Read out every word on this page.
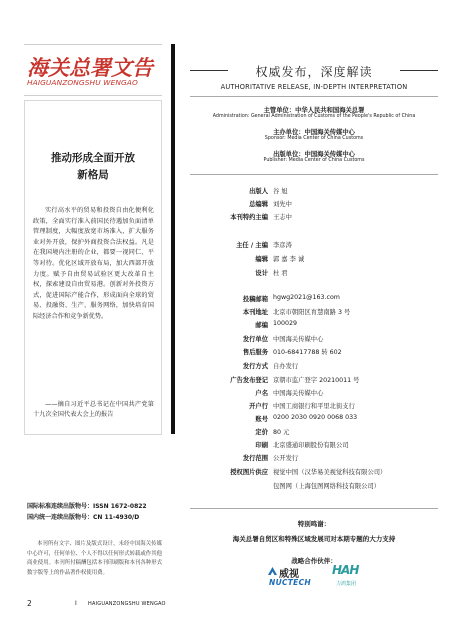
海关总署文告
HAIGUANZONGSHU WENGAO
推动形成全面开放
新格局
实行高水平的贸易和投资自由化便利化政策，全面实行准入前国民待遇加负面清单管理制度，大幅度放宽市场准入，扩大服务业对外开放，保护外商投资合法权益。凡是在我国境内注册的企业，都要一视同仁、平等对待。优化区域开放布局，加大西部开放力度。赋予自由贸易试验区更大改革自主权，探索建设自由贸易港。创新对外投资方式，促进国际产能合作，形成面向全球的贸易、投融资、生产、服务网络，加快培育国际经济合作和竞争新优势。
——摘自习近平总书记在中国共产党第十九次全国代表大会上的报告
国际标准连续出版物号：ISSN 1672-0822
国内统一连续出版物号：CN 11-4930/D
本刊所有文字、图片及版式设计，未经中国海关传媒中心许可，任何单位、个人不得以任何形式转载或作其他商业使用。本刊所付稿酬包括本刊印刷版和本刊各种形式数字版等上的作品著作权使用费。
权威发布，深度解读
AUTHORITATIVE RELEASE, IN-DEPTH INTERPRETATION
主管单位：中华人民共和国海关总署
Administration: General Administration of Customs of the People's Republic of China
主办单位：中国海关传媒中心
Sponsor: Media Center of China Customs
出版单位：中国海关传媒中心
Publisher: Media Center of China Customs
出版人 谷 旭
总编辑 刘先中
本刊特约主编 王志中
主任 / 主编 李彦涛
编辑 郭 嘉 李 诚
设计 杜 君
投稿邮箱 hgwg2021@163.com
本刊地址 北京市朝阳区育慧南路 3 号
邮编 100029
发行单位 中国海关传媒中心
售后服务 010-68417788 转 602
发行方式 自办发行
广告发布登记 京朝市监广登字 20210011 号
户名 中国海关传媒中心
开户行 中国工商银行和平里北街支行
账号 0200 2030 0920 0068 033
定价 80 元
印刷 北京盛通印刷股份有限公司
发行范围 公开发行
授权图片供应 视觉中国（汉华易美视觉科技有限公司）
包图网（上海包图网络科技有限公司）
特别鸣谢：
海关总署自贸区和特殊区域发展司对本期专题的大力支持
战略合作伙伴：
威视
NUCTECH
HAH
力鸿集团
2	I HAIGUANZONGSHU WENGAO
